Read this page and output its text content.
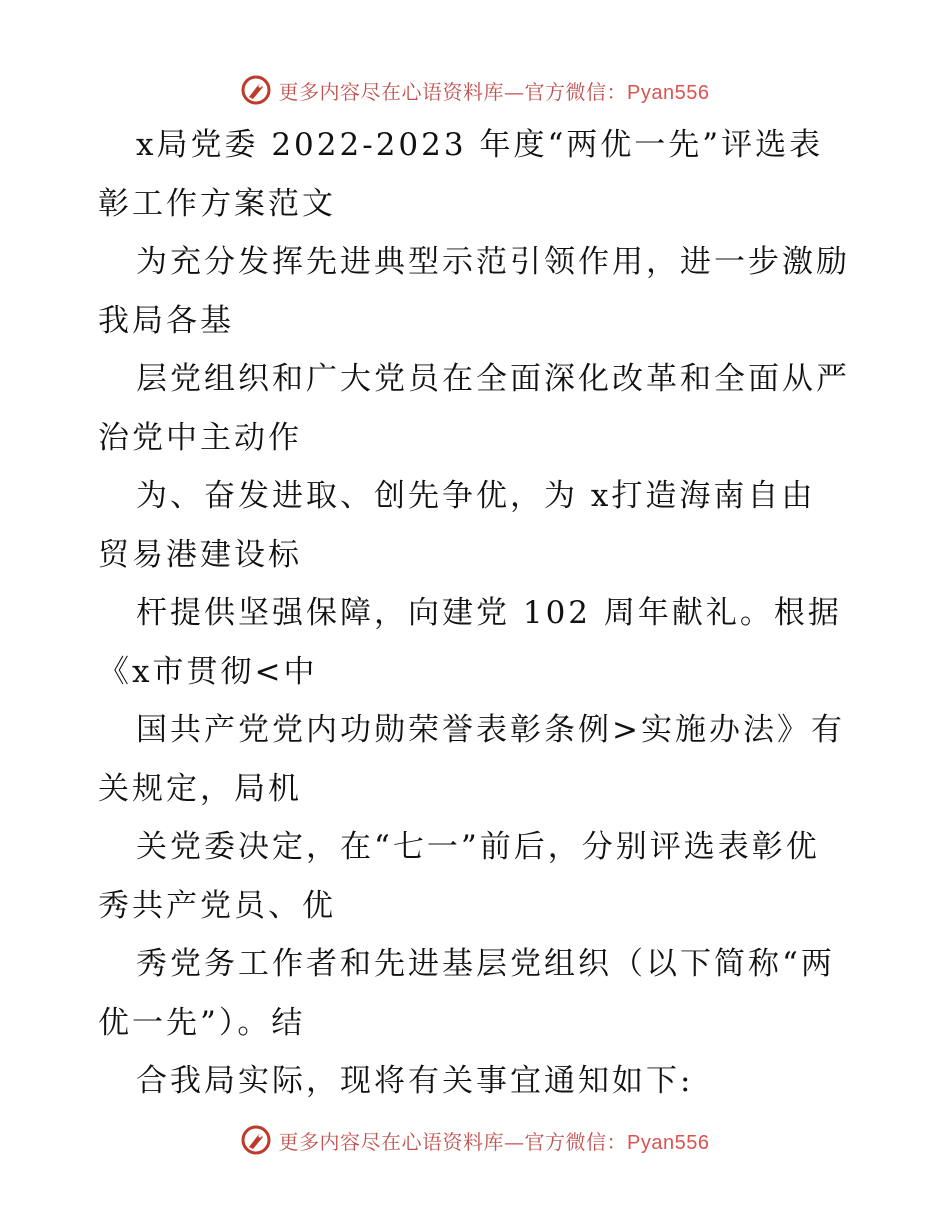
更多内容尽在心语资料库—官方微信：Pyan556

x局党委 2022-2023 年度“两优一先”评选表
彰工作方案范文

为充分发挥先进典型示范引领作用，进一步激励
我局各基

层党组织和广大党员在全面深化改革和全面从严
治党中主动作

为、奋发进取、创先争优，为 x打造海南自由
贸易港建设标

杆提供坚强保障，向建党 102 周年献礼。根据
《x市贯彻<中

国共产党党内功勋荣誉表彰条例>实施办法》有
关规定，局机

关党委决定，在“七一”前后，分别评选表彰优
秀共产党员、优

秀党务工作者和先进基层党组织（以下简称“两
优一先”）。结

合我局实际，现将有关事宜通知如下:

更多内容尽在心语资料库—官方微信：Pyan556
